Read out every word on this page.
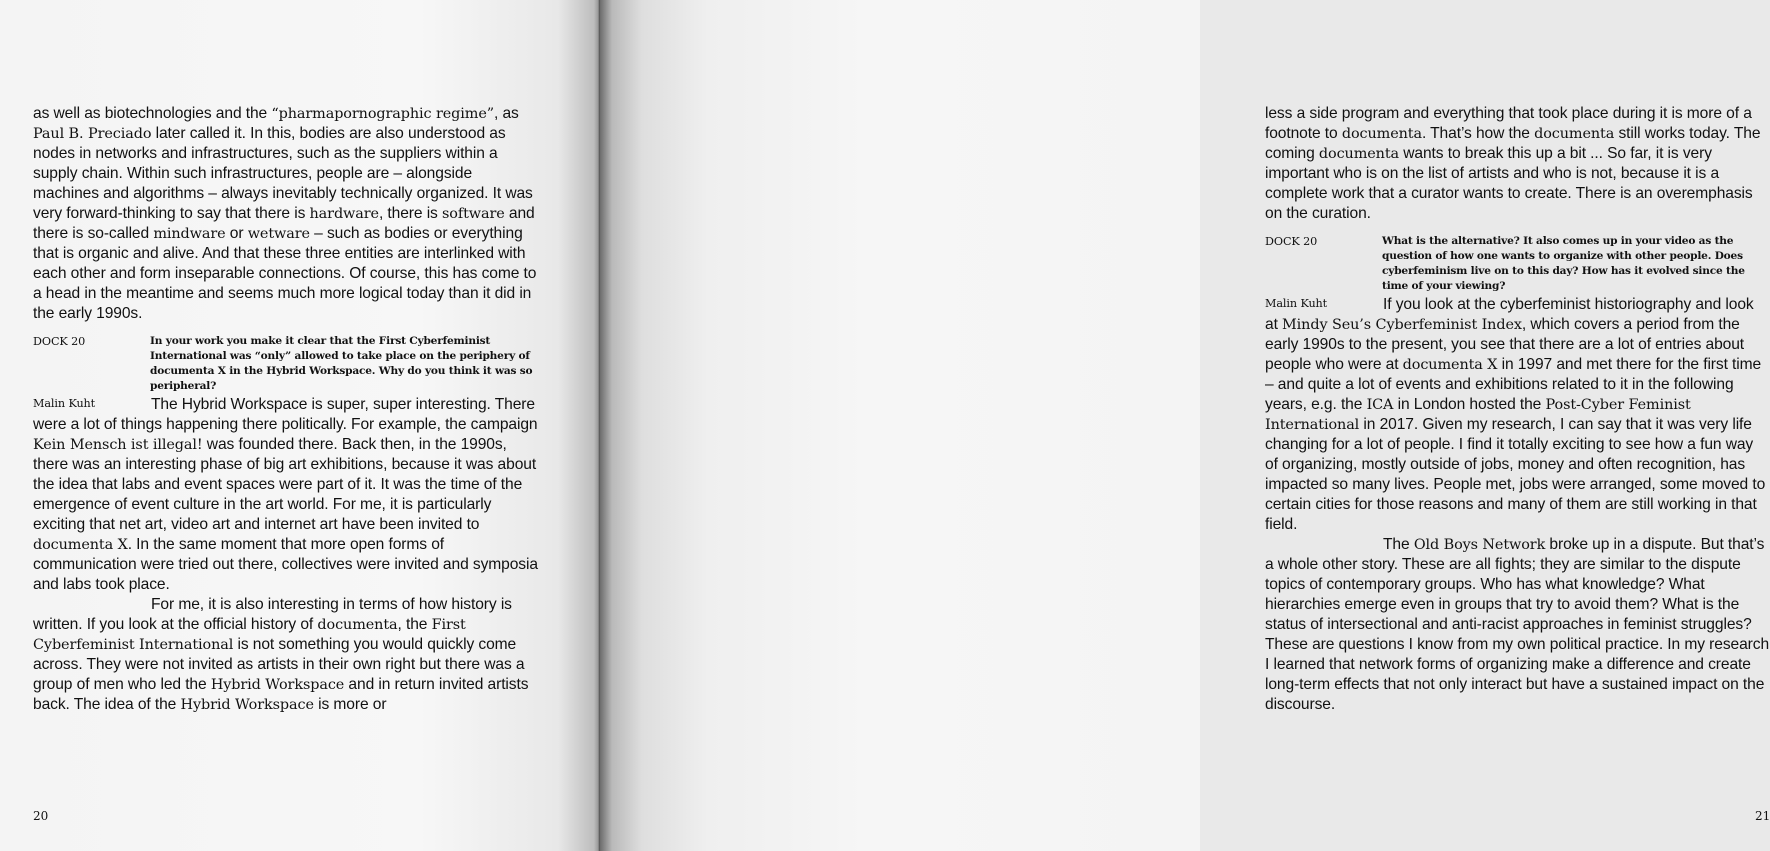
as well as biotechnologies and the “pharmapornographic regime”, as Paul B. Preciado later called it. In this, bodies are also understood as nodes in networks and infrastructures, such as the suppliers within a supply chain. Within such infrastructures, people are – alongside machines and algorithms – always inevitably technically organized. It was very forward-thinking to say that there is hardware, there is software and there is so-called mindware or wetware – such as bodies or everything that is organic and alive. And that these three entities are interlinked with each other and form inseparable connections. Of course, this has come to a head in the meantime and seems much more logical today than it did in the early 1990s.

DOCK 20	In your work you make it clear that the First Cyberfeminist International was “only” allowed to take place on the periphery of documenta X in the Hybrid Workspace. Why do you think it was so peripheral?
Malin Kuht	The Hybrid Workspace is super, super interesting. There were a lot of things happening there politically. For example, the campaign Kein Mensch ist illegal! was founded there. Back then, in the 1990s, there was an interesting phase of big art exhibitions, because it was about the idea that labs and event spaces were part of it. It was the time of the emergence of event culture in the art world. For me, it is particularly exciting that net art, video art and internet art have been invited to documenta X. In the same moment that more open forms of communication were tried out there, collectives were invited and symposia and labs took place.

For me, it is also interesting in terms of how history is written. If you look at the official history of documenta, the First Cyberfeminist International is not something you would quickly come across. They were not invited as artists in their own right but there was a group of men who led the Hybrid Workspace and in return invited artists back. The idea of the Hybrid Workspace is more or

20

less a side program and everything that took place during it is more of a footnote to documenta. That’s how the documenta still works today. The coming documenta wants to break this up a bit ... So far, it is very important who is on the list of artists and who is not, because it is a complete work that a curator wants to create. There is an overemphasis on the curation.

DOCK 20	What is the alternative? It also comes up in your video as the question of how one wants to organize with other people. Does cyberfeminism live on to this day? How has it evolved since the time of your viewing?
Malin Kuht	If you look at the cyberfeminist historiography and look at Mindy Seu’s Cyberfeminist Index, which covers a period from the early 1990s to the present, you see that there are a lot of entries about people who were at documenta X in 1997 and met there for the first time – and quite a lot of events and exhibitions related to it in the following years, e.g. the ICA in London hosted the Post-Cyber Feminist International in 2017. Given my research, I can say that it was very life changing for a lot of people. I find it totally exciting to see how a fun way of organizing, mostly outside of jobs, money and often recognition, has impacted so many lives. People met, jobs were arranged, some moved to certain cities for those reasons and many of them are still working in that field.

The Old Boys Network broke up in a dispute. But that’s a whole other story. These are all fights; they are similar to the dispute topics of contemporary groups. Who has what knowledge? What hierarchies emerge even in groups that try to avoid them? What is the status of intersectional and anti-racist approaches in feminist struggles? These are questions I know from my own political practice. In my research I learned that network forms of organizing make a difference and create long-term effects that not only interact but have a sustained impact on the discourse.

21
